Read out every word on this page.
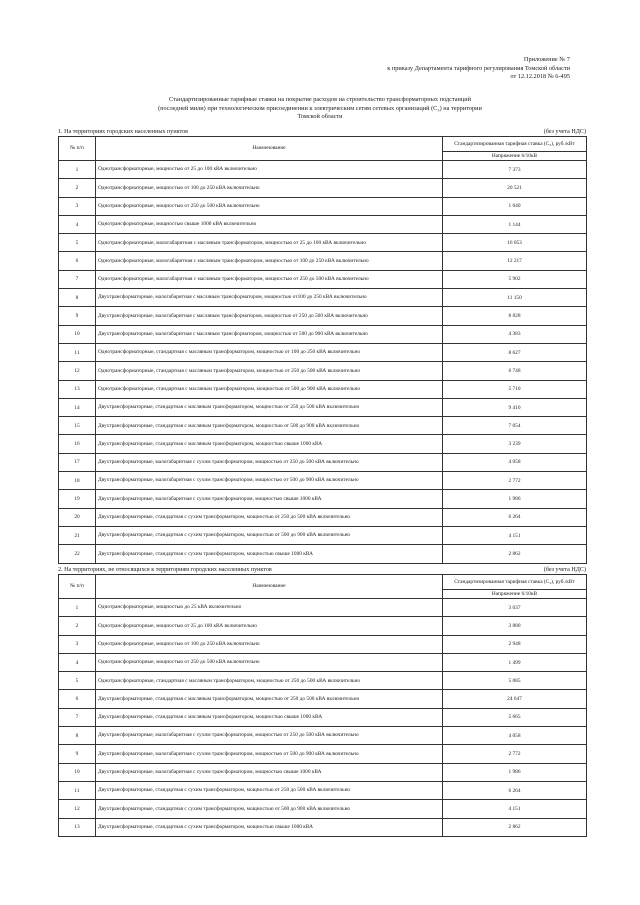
Приложение № 7
к приказу Департамента тарифного регулирования Томской области
от 12.12.2018 № 6-495
Стандартизированные тарифные ставки на покрытие расходов на строительство трансформаторных подстанций
(последней мили) при технологическом присоединении к электрическим сетям сетевых организаций (C₃) на территории
Томской области
1. На территориях городских населенных пунктов	(без учета НДС)
№ п/п	Наименование	Стандартизированная тарифная ставка (C₃), руб./кВт
		Напряжение 6/10кВ
1	Однотрансформаторные, мощностью от 25 до 100 кВА включительно	7 373
2	Однотрансформаторные, мощностью от 100 до 250 кВА включительно	20 521
3	Однотрансформаторные, мощностью от 250 до 500 кВА включительно	1 640
4	Однотрансформаторные, мощностью свыше 1000 кВА включительно	1 144
5	Однотрансформаторные, малогабаритная с масляным трансформатором, мощностью от 25 до 100 кВА включительно	16 053
6	Однотрансформаторные, малогабаритная с масляным трансформатором, мощностью от 100 до 250 кВА включительно	12 217
7	Однотрансформаторные, малогабаритная с масляным трансформатором, мощностью от 250 до 500 кВА включительно	5 902
8	Двухтрансформаторные, малогабаритная с масляным трансформатором, мощностью от100 до 250 кВА включительно	11 150
9	Двухтрансформаторные, малогабаритная с масляным трансформатором, мощностью от 250 до 500 кВА включительно	8 828
10	Двухтрансформаторные, малогабаритная с масляным трансформатором, мощностью от 500 до 900 кВА включительно	4 383
11	Однотрансформаторные, стандартная с масляным трансформатором, мощностью от 100 до 250 кВА включительно	8 627
12	Однотрансформаторные, стандартная с масляным трансформатором, мощностью от 250 до 500 кВА включительно	6 748
13	Однотрансформаторные, стандартная с масляным трансформатором, мощностью от 500 до 900 кВА включительно	5 710
14	Двухтрансформаторные, стандартная с масляным трансформатором, мощностью от 250 до 500 кВА включительно	9 410
15	Двухтрансформаторные, стандартная с масляным трансформатором, мощностью от 500 до 900 кВА включительно	7 054
16	Двухтрансформаторные, стандартная с масляным трансформатором, мощностью свыше 1000 кВА	3 239
17	Двухтрансформаторные, малогабаритная с сухим трансформатором, мощностью от 250 до 500 кВА включительно	4 058
18	Двухтрансформаторные, малогабаритная с сухим трансформатором, мощностью от 500 до 900 кВА включительно	2 772
19	Двухтрансформаторные, малогабаритная с сухим трансформатором, мощностью свыше 1000 кВА	1 986
20	Двухтрансформаторные, стандартная с сухим трансформатором, мощностью от 250 до 500 кВА включительно	6 264
21	Двухтрансформаторные, стандартная с сухим трансформатором, мощностью от 500 до 900 кВА включительно	4 151
22	Двухтрансформаторные, стандартная с сухим трансформатором, мощностью свыше 1000 кВА	2 862
2. На территориях, не относящихся к территориям городских населенных пунктов	(без учета НДС)
№ п/п	Наименование	Стандартизированная тарифная ставка (C₃), руб./кВт
		Напряжение 6/10кВ
1	Однотрансформаторные, мощностью до 25 кВА включительно	3 037
2	Однотрансформаторные, мощностью от 25 до 100 кВА включительно	3 880
3	Однотрансформаторные, мощностью от 100 до 250 кВА включительно	2 948
4	Однотрансформаторные, мощностью от 250 до 500 кВА включительно	1 499
5	Однотрансформаторные, стандартная с масляным трансформатором, мощностью от 250 до 500 кВА включительно	5 085
6	Двухтрансформаторные, стандартная с масляным трансформатором, мощностью от 250 до 500 кВА включительно	24 647
7	Двухтрансформаторные, стандартная с масляным трансформатором, мощностью свыше 1000 кВА	5 665
8	Двухтрансформаторные, малогабаритная с сухим трансформатором, мощностью от 250 до 500 кВА включительно	4 058
9	Двухтрансформаторные, малогабаритная с сухим трансформатором, мощностью от 500 до 900 кВА включительно	2 772
10	Двухтрансформаторные, малогабаритная с сухим трансформатором, мощностью свыше 1000 кВА	1 986
11	Двухтрансформаторные, стандартная с сухим трансформатором, мощностью от 250 до 500 кВА включительно	6 264
12	Двухтрансформаторные, стандартная с сухим трансформатором, мощностью от 500 до 900 кВА включительно	4 151
13	Двухтрансформаторные, стандартная с сухим трансформатором, мощностью свыше 1000 кВА	2 862
